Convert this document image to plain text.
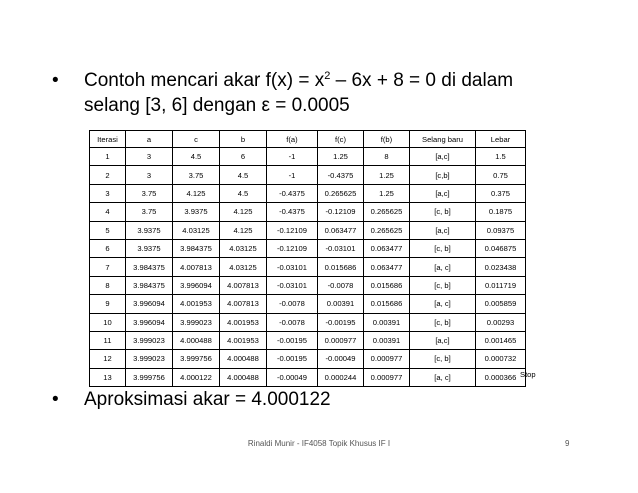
• Contoh mencari akar $f(x) = x^2 - 6x + 8 = 0$ di dalam
selang [3, 6] dengan ε = 0.0005
Iterasi	a	c	b	f(a)	f(c)	f(b)	Selang baru	Lebar
1	3	4.5	6	-1	1.25	8	[a,c]	1.5
2	3	3.75	4.5	-1	-0.4375	1.25	[c,b]	0.75
3	3.75	4.125	4.5	-0.4375	0.265625	1.25	[a,c]	0.375
4	3.75	3.9375	4.125	-0.4375	-0.12109	0.265625	[c, b]	0.1875
5	3.9375	4.03125	4.125	-0.12109	0.063477	0.265625	[a,c]	0.09375
6	3.9375	3.984375	4.03125	-0.12109	-0.03101	0.063477	[c, b]	0.046875
7	3.984375	4.007813	4.03125	-0.03101	0.015686	0.063477	[a, c]	0.023438
8	3.984375	3.996094	4.007813	-0.03101	-0.0078	0.015686	[c, b]	0.011719
9	3.996094	4.001953	4.007813	-0.0078	0.00391	0.015686	[a, c]	0.005859
10	3.996094	3.999023	4.001953	-0.0078	-0.00195	0.00391	[c, b]	0.00293
11	3.999023	4.000488	4.001953	-0.00195	0.000977	0.00391	[a,c]	0.001465
12	3.999023	3.999756	4.000488	-0.00195	-0.00049	0.000977	[c, b]	0.000732
13	3.999756	4.000122	4.000488	-0.00049	0.000244	0.000977	[a, c]	0.000366 Stop
• Aproksimasi akar = 4.000122
Rinaldi Munir - IF4058 Topik Khusus IF I	9
